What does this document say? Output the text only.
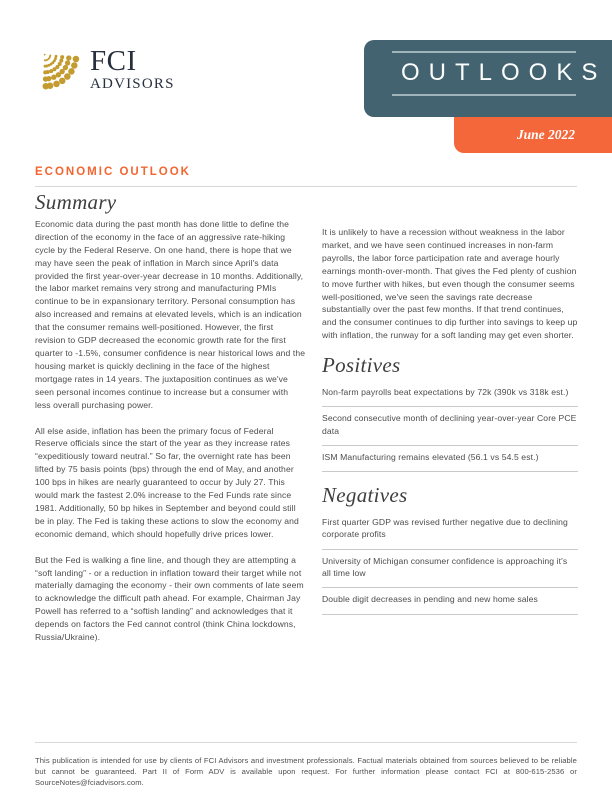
FCI
ADVISORS	OUTLOOKS
June 2022
ECONOMIC OUTLOOK
Summary

Economic data during the past month has done little to define the direction of the economy in the face of an aggressive rate-hiking cycle by the Federal Reserve. On one hand, there is hope that we may have seen the peak of inflation in March since April's data provided the first year-over-year decrease in 10 months. Additionally, the labor market remains very strong and manufacturing PMIs continue to be in expansionary territory. Personal consumption has also increased and remains at elevated levels, which is an indication that the consumer remains well-positioned. However, the first revision to GDP decreased the economic growth rate for the first quarter to -1.5%, consumer confidence is near historical lows and the housing market is quickly declining in the face of the highest mortgage rates in 14 years. The juxtaposition continues as we've seen personal incomes continue to increase but a consumer with less overall purchasing power.

All else aside, inflation has been the primary focus of Federal Reserve officials since the start of the year as they increase rates “expeditiously toward neutral.” So far, the overnight rate has been lifted by 75 basis points (bps) through the end of May, and another 100 bps in hikes are nearly guaranteed to occur by July 27. This would mark the fastest 2.0% increase to the Fed Funds rate since 1981. Additionally, 50 bp hikes in September and beyond could still be in play. The Fed is taking these actions to slow the economy and economic demand, which should hopefully drive prices lower.

But the Fed is walking a fine line, and though they are attempting a “soft landing” - or a reduction in inflation toward their target while not materially damaging the economy - their own comments of late seem to acknowledge the difficult path ahead. For example, Chairman Jay Powell has referred to a “softish landing” and acknowledges that it depends on factors the Fed cannot control (think China lockdowns, Russia/Ukraine).

It is unlikely to have a recession without weakness in the labor market, and we have seen continued increases in non-farm payrolls, the labor force participation rate and average hourly earnings month-over-month. That gives the Fed plenty of cushion to move further with hikes, but even though the consumer seems well-positioned, we've seen the savings rate decrease substantially over the past few months. If that trend continues, and the consumer continues to dip further into savings to keep up with inflation, the runway for a soft landing may get even shorter.

Positives
Non-farm payrolls beat expectations by 72k (390k vs 318k est.)
Second consecutive month of declining year-over-year Core PCE data
ISM Manufacturing remains elevated (56.1 vs 54.5 est.)
Negatives
First quarter GDP was revised further negative due to declining corporate profits
University of Michigan consumer confidence is approaching it's all time low
Double digit decreases in pending and new home sales

This publication is intended for use by clients of FCI Advisors and investment professionals. Factual materials obtained from sources believed to be reliable but cannot be guaranteed. Part II of Form ADV is available upon request. For further information please contact FCI at 800-615-2536 or SourceNotes@fciadvisors.com.
